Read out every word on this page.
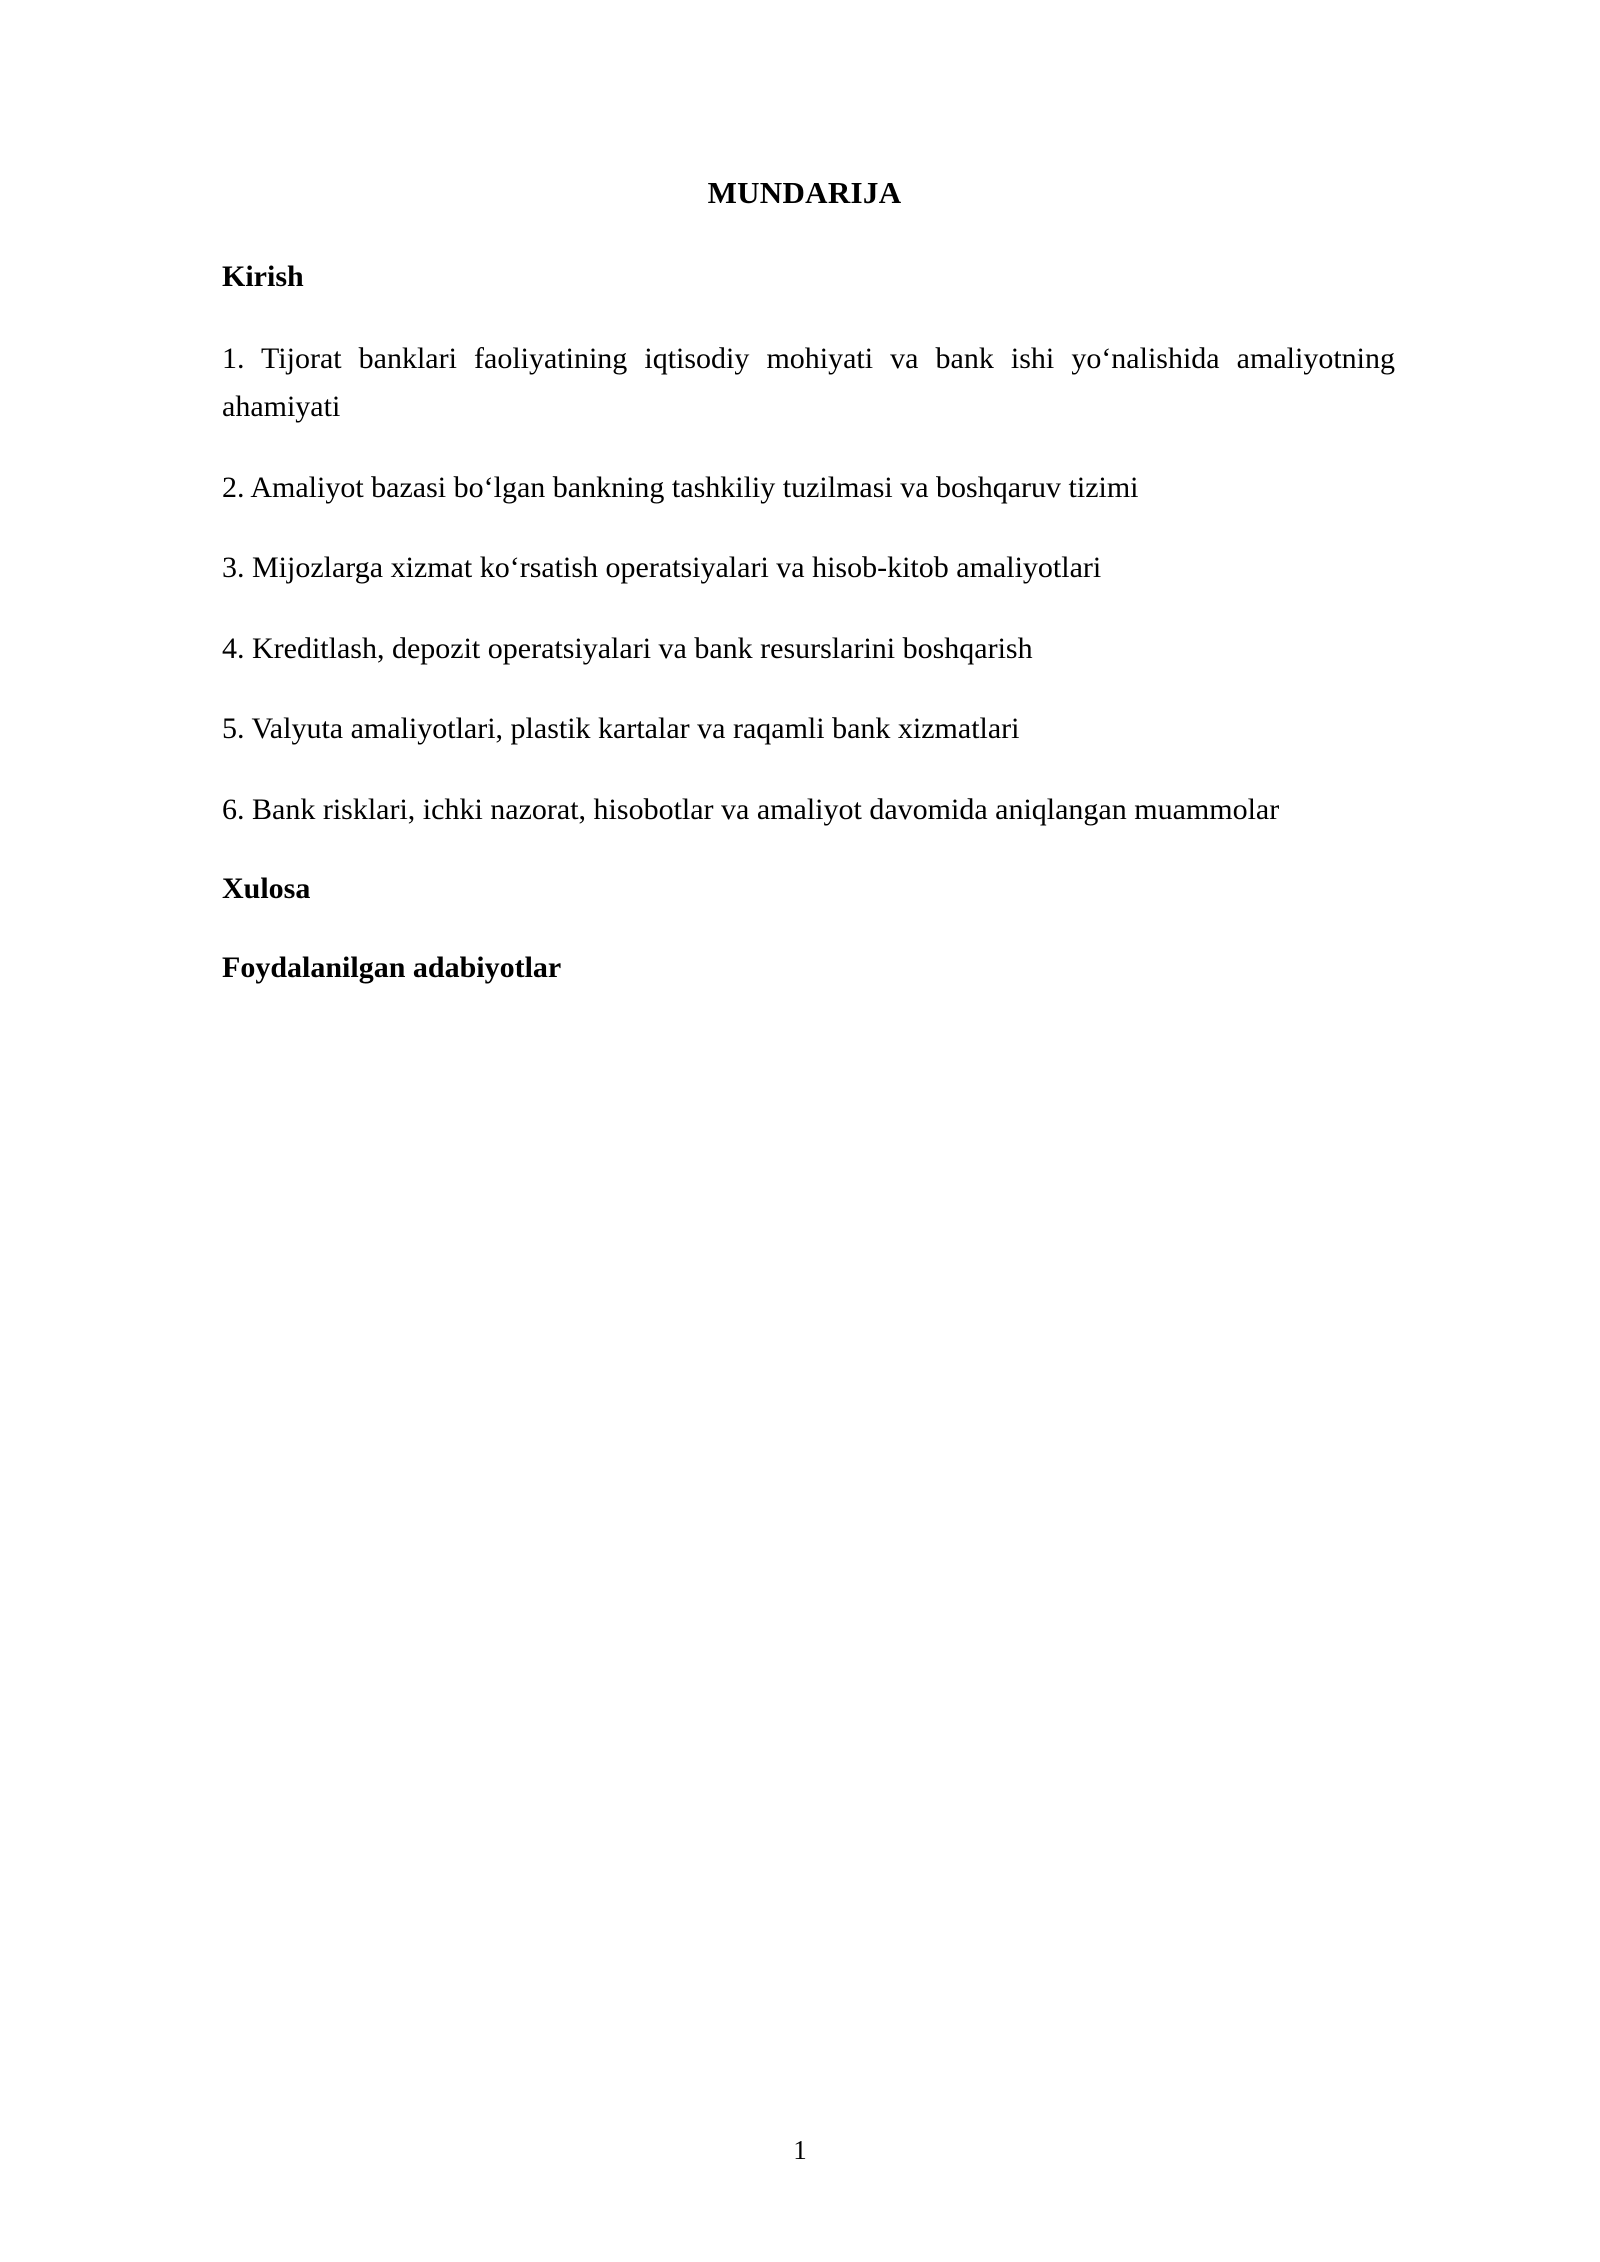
MUNDARIJA

Kirish

1. Tijorat banklari faoliyatining iqtisodiy mohiyati va bank ishi yo‘nalishida amaliyotning ahamiyati

2. Amaliyot bazasi bo‘lgan bankning tashkiliy tuzilmasi va boshqaruv tizimi

3. Mijozlarga xizmat ko‘rsatish operatsiyalari va hisob-kitob amaliyotlari

4. Kreditlash, depozit operatsiyalari va bank resurslarini boshqarish

5. Valyuta amaliyotlari, plastik kartalar va raqamli bank xizmatlari

6. Bank risklari, ichki nazorat, hisobotlar va amaliyot davomida aniqlangan muammolar

Xulosa

Foydalanilgan adabiyotlar

1
